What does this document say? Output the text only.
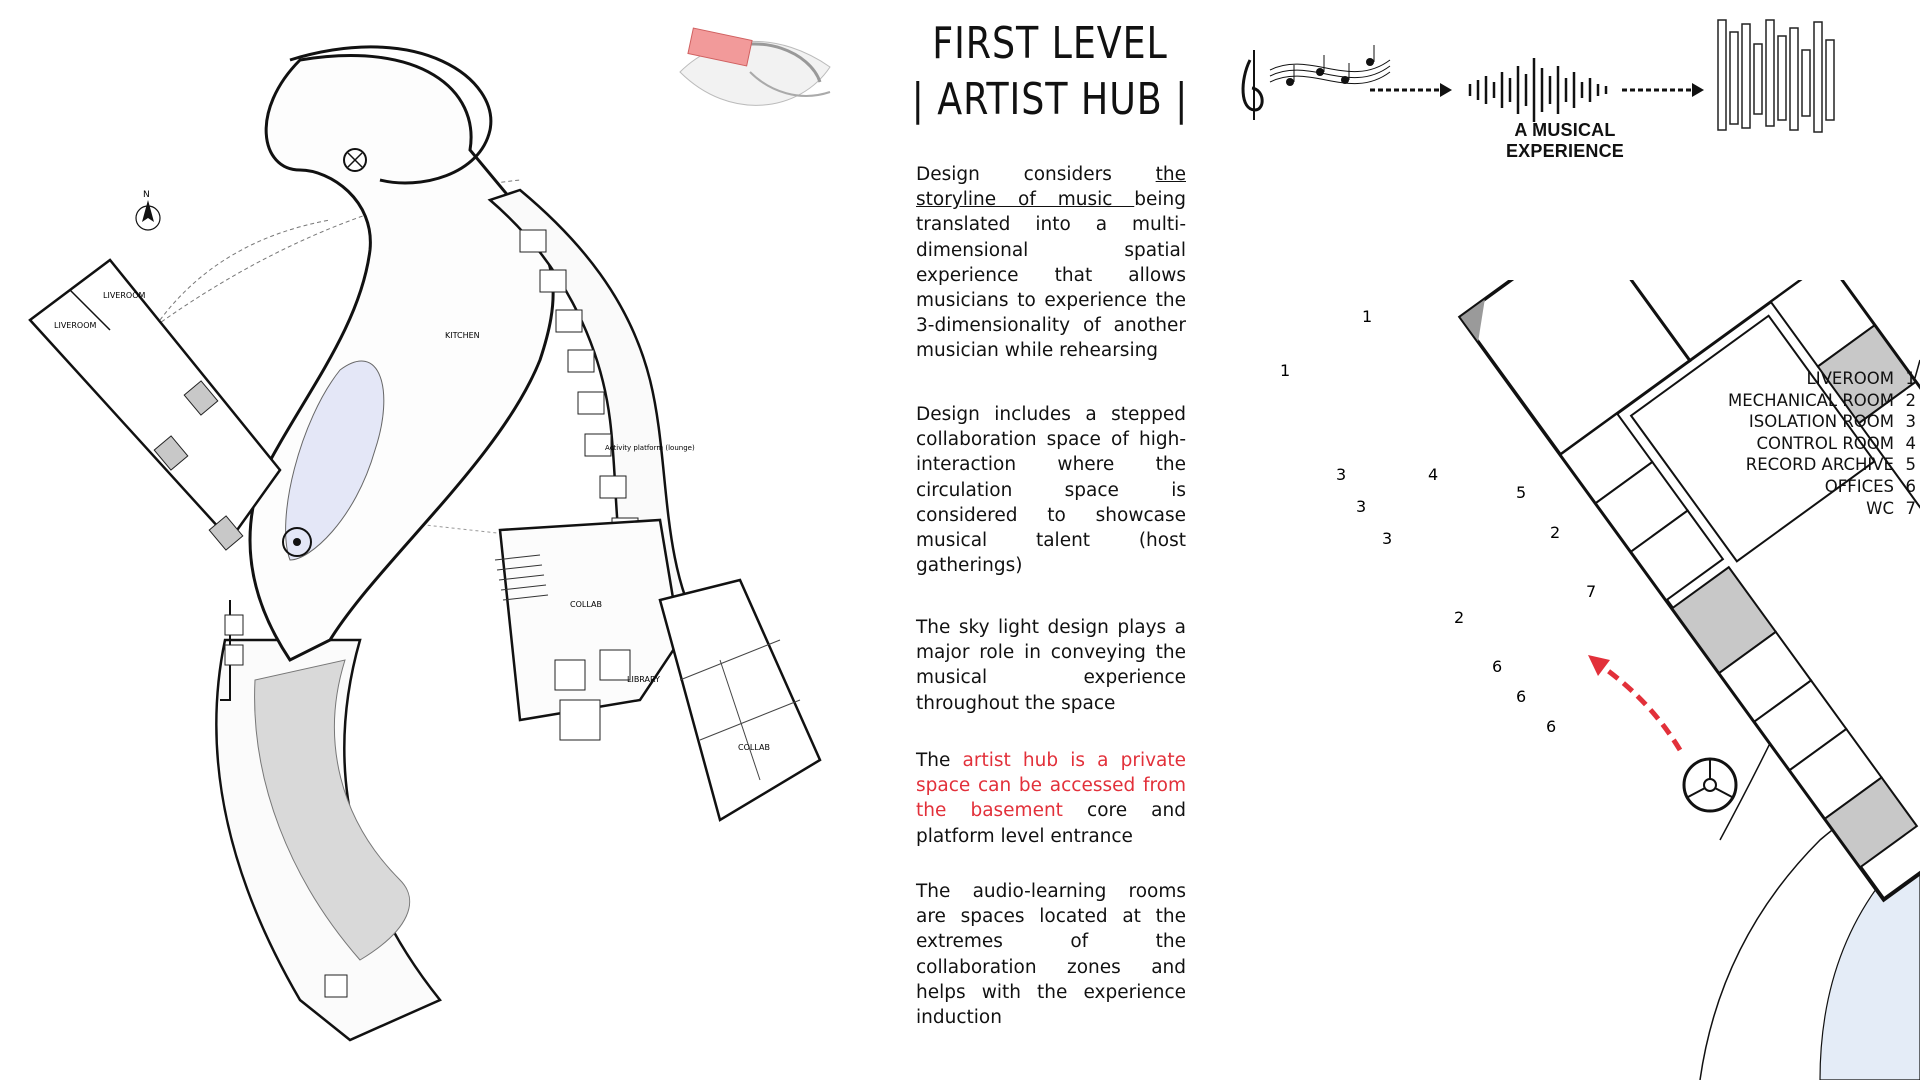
N
LIVEROOM
LIVEROOM
KITCHEN
Activity platform (lounge)
COLLAB
LIBRARY
COLLAB
FIRST LEVEL
| ARTIST HUB |
Design considers the storyline of music being translated into a multi-dimensional spatial experience that allows musicians to experience the 3-dimensionality of another musician while rehearsing
Design includes a stepped collaboration space of high-interaction where the circulation space is considered to showcase musical talent (host gatherings)
The sky light design plays a major role in conveying the musical experience throughout the space
The artist hub is a private space can be accessed from the basement core and platform level entrance
The audio-learning rooms are spaces located at the extremes of the collaboration zones and helps with the experience induction
A MUSICAL EXPERIENCE
1
1
3
3
3
4
5
2
2
7
6
6
6
LIVEROOM 1
MECHANICAL ROOM 2
ISOLATION ROOM 3
CONTROL ROOM 4
RECORD ARCHIVE 5
OFFICES 6
WC 7
